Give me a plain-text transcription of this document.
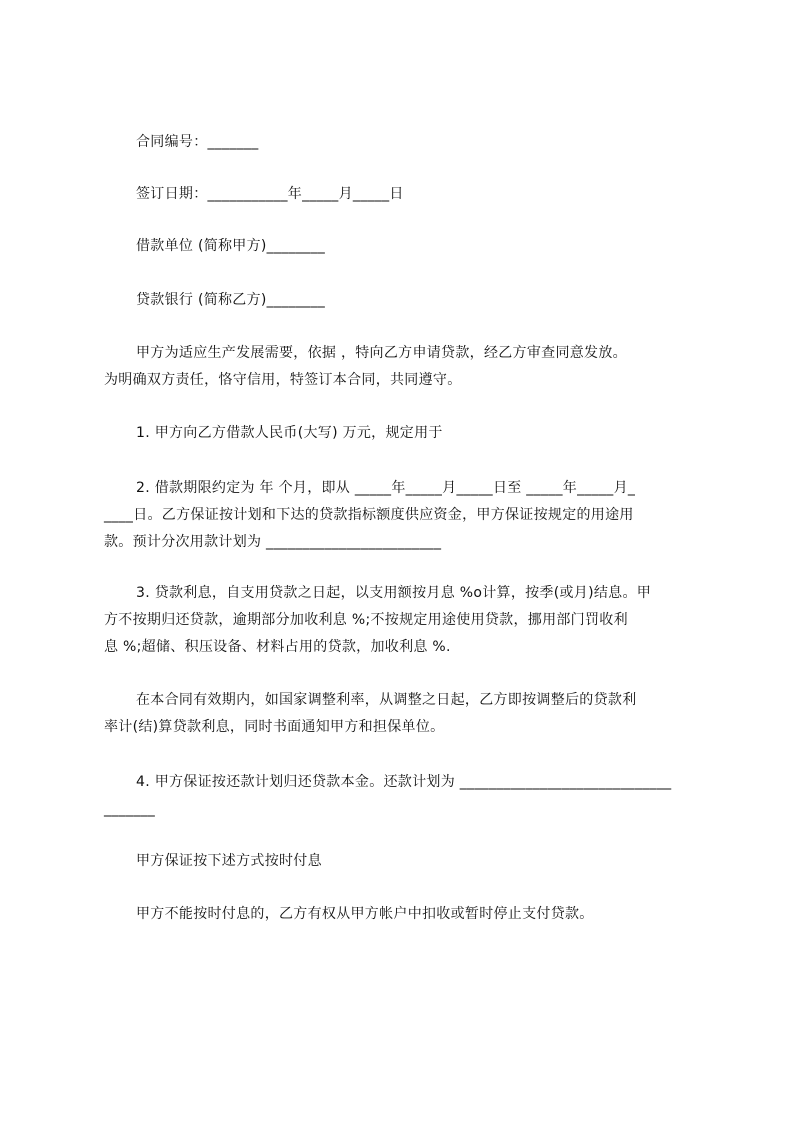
合同编号：_______
签订日期：___________年_____月_____日
借款单位 (简称甲方)________
贷款银行 (简称乙方)________
甲方为适应生产发展需要，依据 ，特向乙方申请贷款，经乙方审查同意发放。
为明确双方责任，恪守信用，特签订本合同，共同遵守。
1. 甲方向乙方借款人民币(大写) 万元，规定用于
2. 借款期限约定为 年 个月，即从 _____年_____月_____日至 _____年_____月_
____日。乙方保证按计划和下达的贷款指标额度供应资金，甲方保证按规定的用途用
款。预计分次用款计划为 ________________________
3. 贷款利息，自支用贷款之日起，以支用额按月息 %o计算，按季(或月)结息。甲
方不按期归还贷款，逾期部分加收利息 %;不按规定用途使用贷款，挪用部门罚收利
息 %;超储、积压设备、材料占用的贷款，加收利息 %.
在本合同有效期内，如国家调整利率，从调整之日起，乙方即按调整后的贷款利
率计(结)算贷款利息，同时书面通知甲方和担保单位。
4. 甲方保证按还款计划归还贷款本金。还款计划为 _____________________________
_______
甲方保证按下述方式按时付息
甲方不能按时付息的，乙方有权从甲方帐户中扣收或暂时停止支付贷款。
